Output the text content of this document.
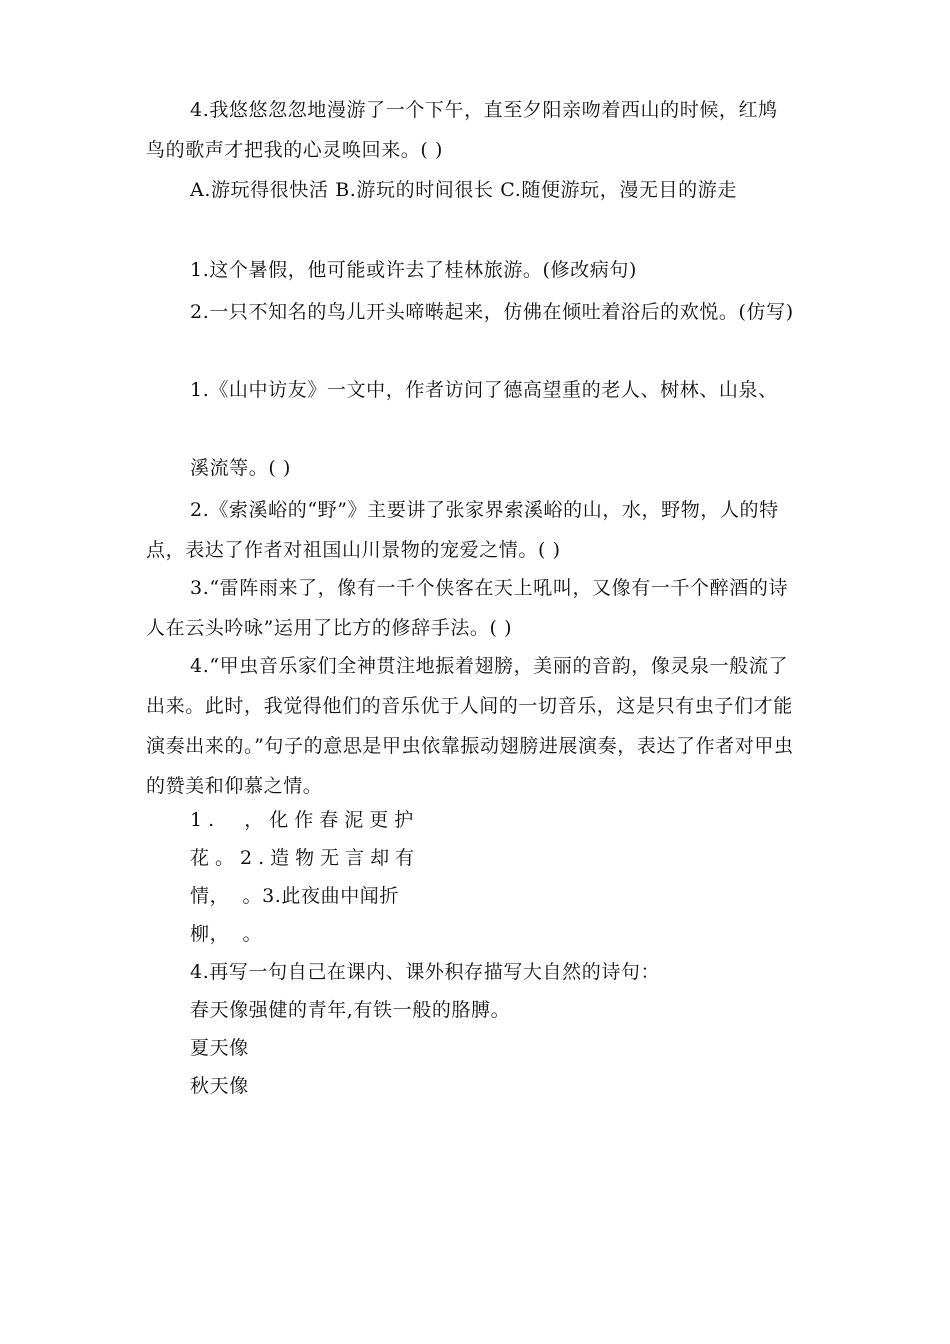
4.我悠悠忽忽地漫游了一个下午，直至夕阳亲吻着西山的时候，红鸠鸟的歌声才把我的心灵唤回来。( )

A.游玩得很快活 B.游玩的时间很长 C.随便游玩，漫无目的游走

1.这个暑假，他可能或许去了桂林旅游。(修改病句)

2.一只不知名的鸟儿开头啼啭起来，仿佛在倾吐着浴后的欢悦。(仿写)

1.《山中访友》一文中，作者访问了德高望重的老人、树林、山泉、

溪流等。( )

2.《索溪峪的“野”》主要讲了张家界索溪峪的山，水，野物，人的特点，表达了作者对祖国山川景物的宠爱之情。( )

3.“雷阵雨来了，像有一千个侠客在天上吼叫，又像有一千个醉酒的诗人在云头吟咏”运用了比方的修辞手法。( )

4.“甲虫音乐家们全神贯注地振着翅膀，美丽的音韵，像灵泉一般流了出来。此时，我觉得他们的音乐优于人间的一切音乐，这是只有虫子们才能演奏出来的。”句子的意思是甲虫依靠振动翅膀进展演奏，表达了作者对甲虫的赞美和仰慕之情。

1.  ，化作春泥更护
花。2.造物无言却有
情，  。3.此夜曲中闻折
柳，  。
4.再写一句自己在课内、课外积存描写大自然的诗句：
春天像强健的青年,有铁一般的胳膊。
夏天像
秋天像
